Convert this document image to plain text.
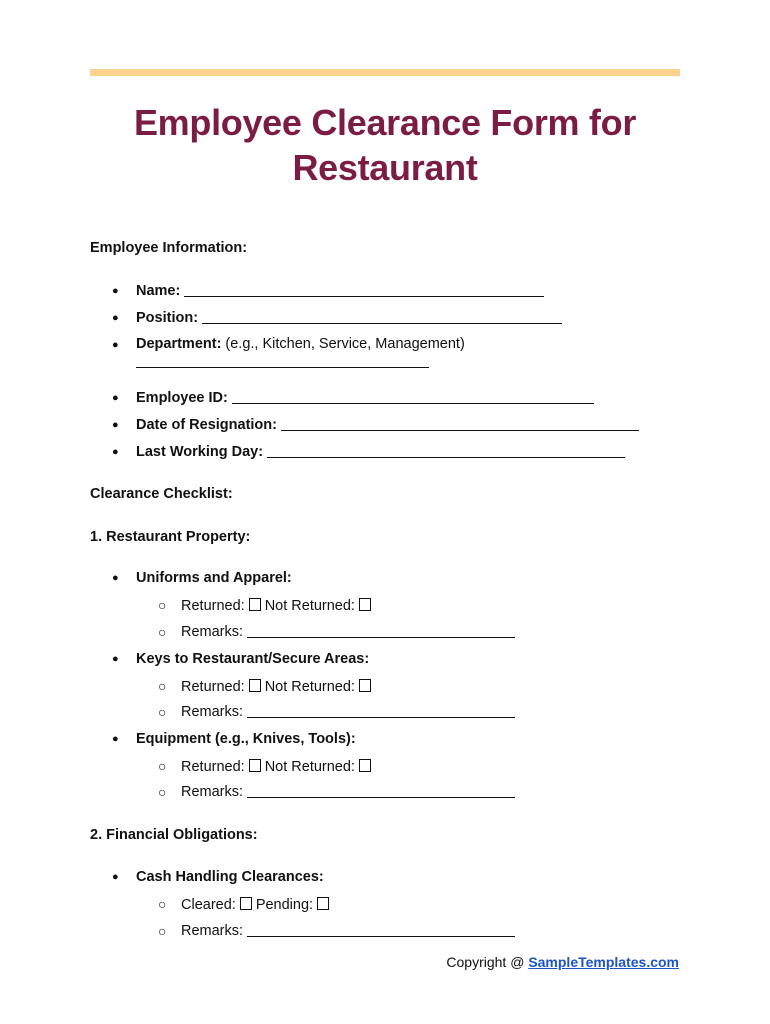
Employee Clearance Form for Restaurant
Employee Information:
● Name:
● Position:
● Department: (e.g., Kitchen, Service, Management)
● Employee ID:
● Date of Resignation:
● Last Working Day:
Clearance Checklist:
1. Restaurant Property:
● Uniforms and Apparel:
○ Returned: Not Returned:
○ Remarks:
● Keys to Restaurant/Secure Areas:
○ Returned: Not Returned:
○ Remarks:
● Equipment (e.g., Knives, Tools):
○ Returned: Not Returned:
○ Remarks:
2. Financial Obligations:
● Cash Handling Clearances:
○ Cleared: Pending:
○ Remarks:
Copyright @ SampleTemplates.com
